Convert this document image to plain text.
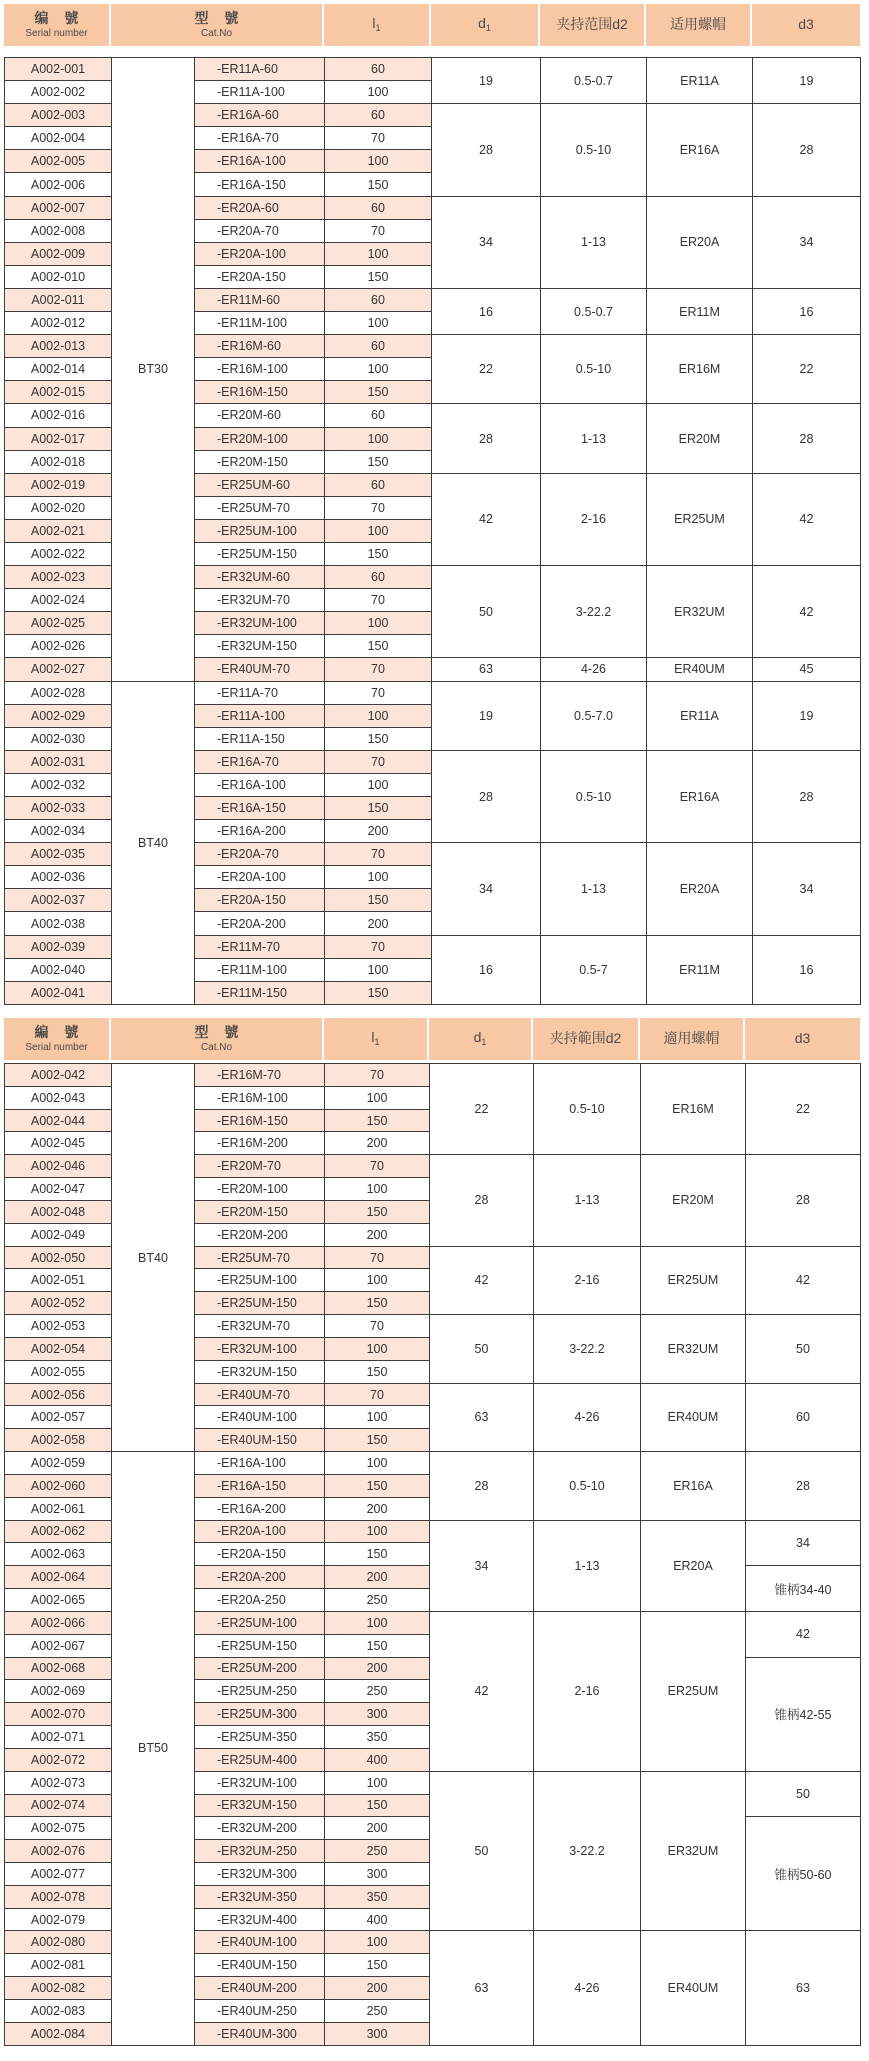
编 號
Serial number
型 號
Cat.No
$l_1$	$d_1$	夹持范围d2	适用螺帽	d3
A002-001	BT30	-ER11A-60	60	19	0.5-0.7	ER11A	19
A002-002		-ER11A-100	100				
A002-003		-ER16A-60	60	28	0.5-10	ER16A	28
A002-004		-ER16A-70	70				
A002-005		-ER16A-100	100				
A002-006		-ER16A-150	150				
A002-007		-ER20A-60	60	34	1-13	ER20A	34
A002-008		-ER20A-70	70				
A002-009		-ER20A-100	100				
A002-010		-ER20A-150	150				
A002-011		-ER11M-60	60	16	0.5-0.7	ER11M	16
A002-012		-ER11M-100	100				
A002-013		-ER16M-60	60	22	0.5-10	ER16M	22
A002-014		-ER16M-100	100				
A002-015		-ER16M-150	150				
A002-016		-ER20M-60	60	28	1-13	ER20M	28
A002-017		-ER20M-100	100				
A002-018		-ER20M-150	150				
A002-019		-ER25UM-60	60	42	2-16	ER25UM	42
A002-020		-ER25UM-70	70				
A002-021		-ER25UM-100	100				
A002-022		-ER25UM-150	150				
A002-023		-ER32UM-60	60	50	3-22.2	ER32UM	42
A002-024		-ER32UM-70	70				
A002-025		-ER32UM-100	100				
A002-026		-ER32UM-150	150				
A002-027		-ER40UM-70	70	63	4-26	ER40UM	45
A002-028	BT40	-ER11A-70	70	19	0.5-7.0	ER11A	19
A002-029		-ER11A-100	100				
A002-030		-ER11A-150	150				
A002-031		-ER16A-70	70	28	0.5-10	ER16A	28
A002-032		-ER16A-100	100				
A002-033		-ER16A-150	150				
A002-034		-ER16A-200	200				
A002-035		-ER20A-70	70	34	1-13	ER20A	34
A002-036		-ER20A-100	100				
A002-037		-ER20A-150	150				
A002-038		-ER20A-200	200				
A002-039		-ER11M-70	70	16	0.5-7	ER11M	16
A002-040		-ER11M-100	100				
A002-041		-ER11M-150	150				
編 號
Serial number
型 號
Cat.No
$l_1$	$d_1$	夹持範围d2	適用螺帽	d3
A002-042	BT40	-ER16M-70	70	22	0.5-10	ER16M	22
A002-043		-ER16M-100	100				
A002-044		-ER16M-150	150				
A002-045		-ER16M-200	200				
A002-046		-ER20M-70	70	28	1-13	ER20M	28
A002-047		-ER20M-100	100				
A002-048		-ER20M-150	150				
A002-049		-ER20M-200	200				
A002-050		-ER25UM-70	70	42	2-16	ER25UM	42
A002-051		-ER25UM-100	100				
A002-052		-ER25UM-150	150				
A002-053		-ER32UM-70	70	50	3-22.2	ER32UM	50
A002-054		-ER32UM-100	100				
A002-055		-ER32UM-150	150				
A002-056		-ER40UM-70	70	63	4-26	ER40UM	60
A002-057		-ER40UM-100	100				
A002-058		-ER40UM-150	150				
A002-059	BT50	-ER16A-100	100	28	0.5-10	ER16A	28
A002-060		-ER16A-150	150				
A002-061		-ER16A-200	200				
A002-062		-ER20A-100	100	34	1-13	ER20A	34
A002-063		-ER20A-150	150				
A002-064		-ER20A-200	200				锥柄34-40
A002-065		-ER20A-250	250				
A002-066		-ER25UM-100	100	42	2-16	ER25UM	42
A002-067		-ER25UM-150	150				
A002-068		-ER25UM-200	200				锥柄42-55
A002-069		-ER25UM-250	250				
A002-070		-ER25UM-300	300				
A002-071		-ER25UM-350	350				
A002-072		-ER25UM-400	400				
A002-073		-ER32UM-100	100	50	3-22.2	ER32UM	50
A002-074		-ER32UM-150	150				
A002-075		-ER32UM-200	200				锥柄50-60
A002-076		-ER32UM-250	250				
A002-077		-ER32UM-300	300				
A002-078		-ER32UM-350	350				
A002-079		-ER32UM-400	400				
A002-080		-ER40UM-100	100	63	4-26	ER40UM	63
A002-081		-ER40UM-150	150				
A002-082		-ER40UM-200	200				
A002-083		-ER40UM-250	250				
A002-084		-ER40UM-300	300				
